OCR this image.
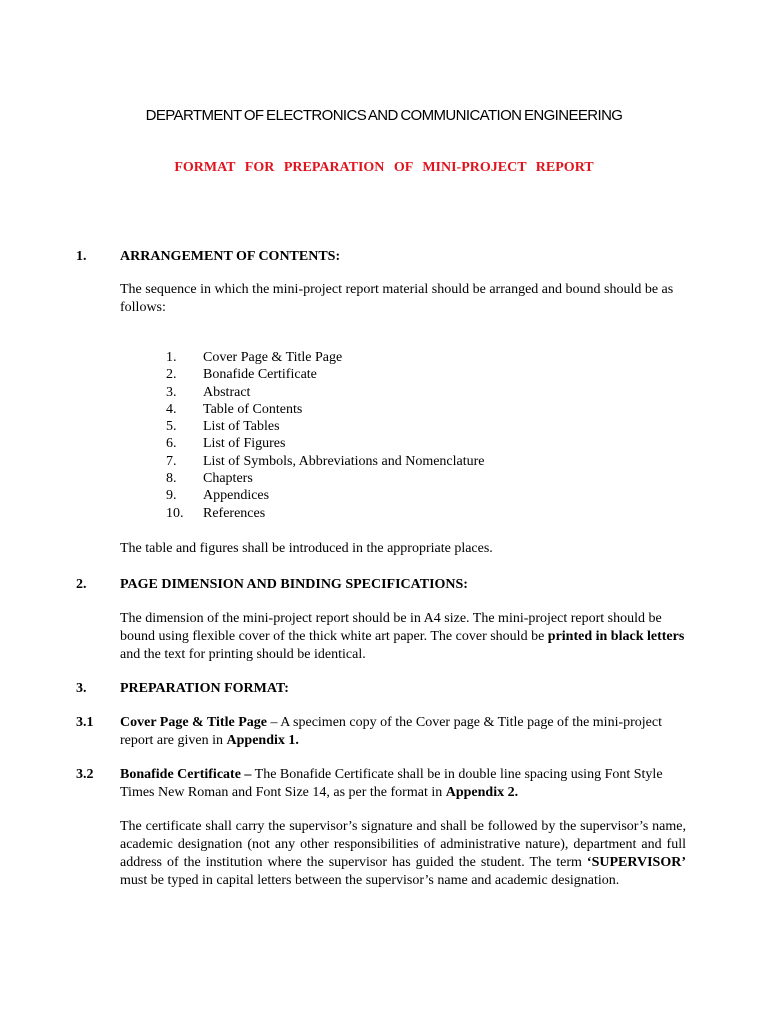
DEPARTMENT OF ELECTRONICS AND COMMUNICATION ENGINEERING
FORMAT FOR PREPARATION OF MINI-PROJECT REPORT
1. ARRANGEMENT OF CONTENTS:
The sequence in which the mini-project report material should be arranged and bound should be as follows:
1. Cover Page & Title Page
2. Bonafide Certificate
3. Abstract
4. Table of Contents
5. List of Tables
6. List of Figures
7. List of Symbols, Abbreviations and Nomenclature
8. Chapters
9. Appendices
10. References
The table and figures shall be introduced in the appropriate places.
2. PAGE DIMENSION AND BINDING SPECIFICATIONS:
The dimension of the mini-project report should be in A4 size. The mini-project report should be bound using flexible cover of the thick white art paper. The cover should be printed in black letters and the text for printing should be identical.
3. PREPARATION FORMAT:
3.1 Cover Page & Title Page – A specimen copy of the Cover page & Title page of the mini-project report are given in Appendix 1.
3.2 Bonafide Certificate – The Bonafide Certificate shall be in double line spacing using Font Style Times New Roman and Font Size 14, as per the format in Appendix 2.
The certificate shall carry the supervisor’s signature and shall be followed by the supervisor’s name, academic designation (not any other responsibilities of administrative nature), department and full address of the institution where the supervisor has guided the student. The term ‘SUPERVISOR’ must be typed in capital letters between the supervisor’s name and academic designation.
